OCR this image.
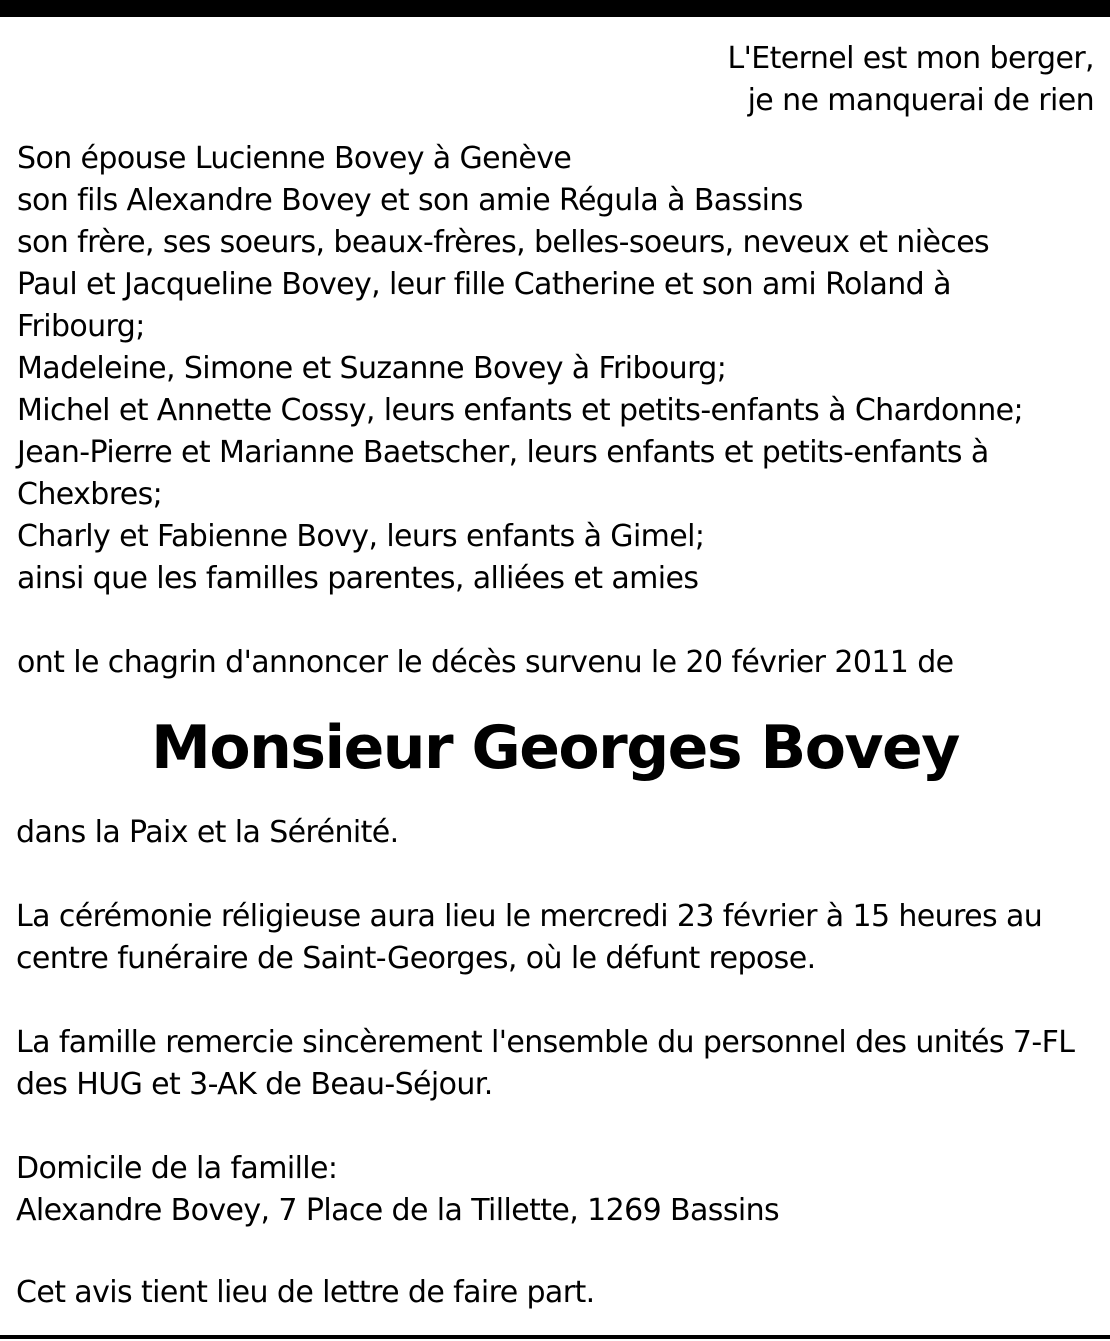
L'Eternel est mon berger,
je ne manquerai de rien
Son épouse Lucienne Bovey à Genève
son fils Alexandre Bovey et son amie Régula à Bassins
son frère, ses soeurs, beaux-frères, belles-soeurs, neveux et nièces
Paul et Jacqueline Bovey, leur fille Catherine et son ami Roland à
Fribourg;
Madeleine, Simone et Suzanne Bovey à Fribourg;
Michel et Annette Cossy, leurs enfants et petits-enfants à Chardonne;
Jean-Pierre et Marianne Baetscher, leurs enfants et petits-enfants à
Chexbres;
Charly et Fabienne Bovy, leurs enfants à Gimel;
ainsi que les familles parentes, alliées et amies
ont le chagrin d'annoncer le décès survenu le 20 février 2011 de
Monsieur Georges Bovey
dans la Paix et la Sérénité.
La cérémonie réligieuse aura lieu le mercredi 23 février à 15 heures au
centre funéraire de Saint-Georges, où le défunt repose.
La famille remercie sincèrement l'ensemble du personnel des unités 7-FL
des HUG et 3-AK de Beau-Séjour.
Domicile de la famille:
Alexandre Bovey, 7 Place de la Tillette, 1269 Bassins
Cet avis tient lieu de lettre de faire part.
